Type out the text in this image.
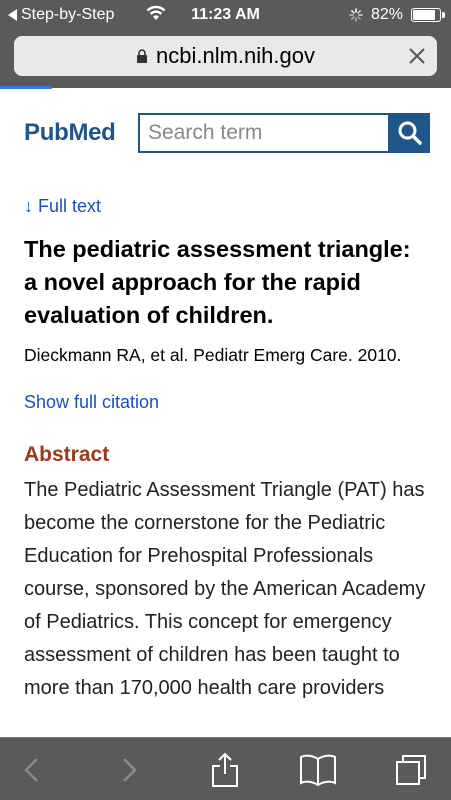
Step-by-Step	11:23 AM	82%
ncbi.nlm.nih.gov
PubMed Search term
↓ Full text
The pediatric assessment triangle: a novel approach for the rapid evaluation of children.
Dieckmann RA, et al. Pediatr Emerg Care. 2010.
Show full citation
Abstract
The Pediatric Assessment Triangle (PAT) has become the cornerstone for the Pediatric Education for Prehospital Professionals course, sponsored by the American Academy of Pediatrics. This concept for emergency assessment of children has been taught to more than 170,000 health care providers
